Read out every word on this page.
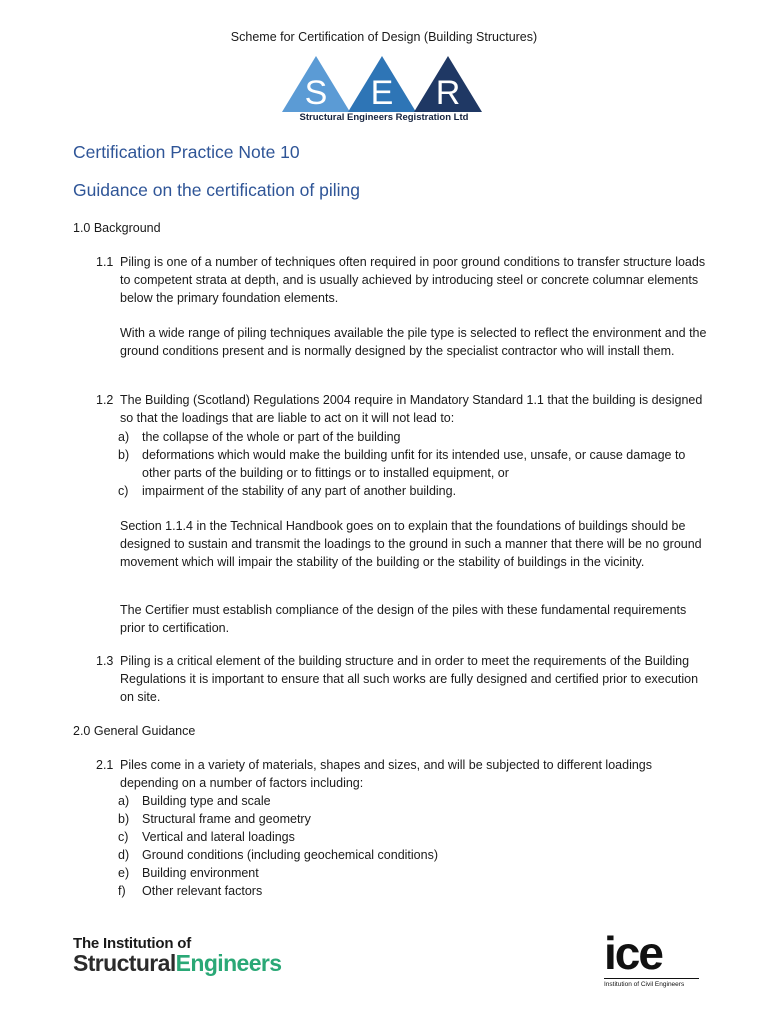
Scheme for Certification of Design (Building Structures)
S E R
Structural Engineers Registration Ltd
Certification Practice Note 10
Guidance on the certification of piling
1.0 Background
1.1 Piling is one of a number of techniques often required in poor ground conditions to transfer structure loads to competent strata at depth, and is usually achieved by introducing steel or concrete columnar elements below the primary foundation elements.
With a wide range of piling techniques available the pile type is selected to reflect the environment and the ground conditions present and is normally designed by the specialist contractor who will install them.
1.2 The Building (Scotland) Regulations 2004 require in Mandatory Standard 1.1 that the building is designed so that the loadings that are liable to act on it will not lead to:
a) the collapse of the whole or part of the building
b) deformations which would make the building unfit for its intended use, unsafe, or cause damage to other parts of the building or to fittings or to installed equipment, or
c) impairment of the stability of any part of another building.
Section 1.1.4 in the Technical Handbook goes on to explain that the foundations of buildings should be designed to sustain and transmit the loadings to the ground in such a manner that there will be no ground movement which will impair the stability of the building or the stability of buildings in the vicinity.
The Certifier must establish compliance of the design of the piles with these fundamental requirements prior to certification.
1.3 Piling is a critical element of the building structure and in order to meet the requirements of the Building Regulations it is important to ensure that all such works are fully designed and certified prior to execution on site.
2.0 General Guidance
2.1 Piles come in a variety of materials, shapes and sizes, and will be subjected to different loadings depending on a number of factors including:
a) Building type and scale
b) Structural frame and geometry
c) Vertical and lateral loadings
d) Ground conditions (including geochemical conditions)
e) Building environment
f) Other relevant factors
The Institution of
StructuralEngineers	ice
Institution of Civil Engineers
